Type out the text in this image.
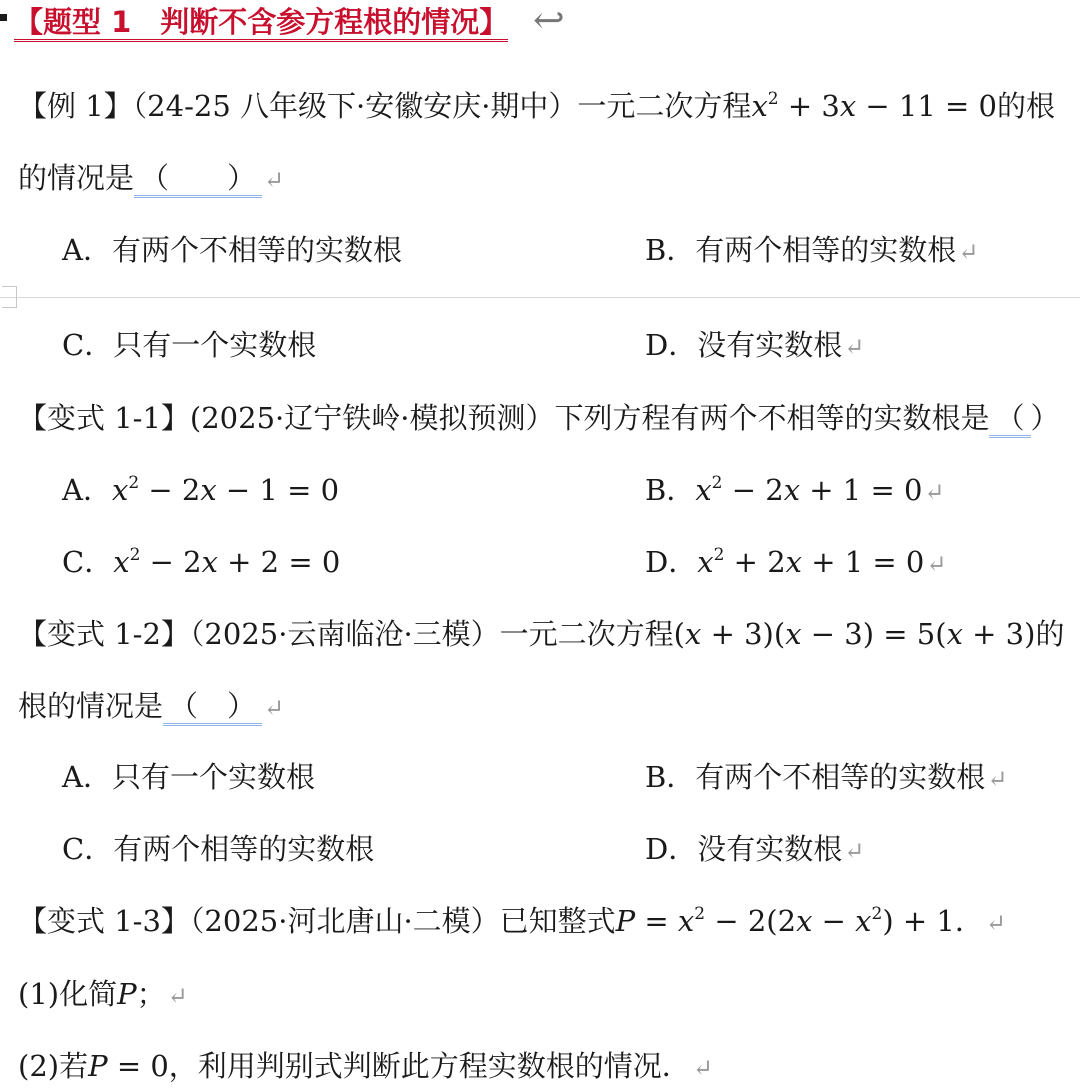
【题型 1　判断不含参方程根的情况】 ↩
【例 1】（24-25 八年级下·安徽安庆·期中）一元二次方程$x^2 + 3x - 11 = 0$的根
的情况是 （　　） ↵
A．有两个不相等的实数根	B．有两个相等的实数根↵
C．只有一个实数根	D．没有实数根↵
【变式 1-1】(2025·辽宁铁岭·模拟预测）下列方程有两个不相等的实数根是 （ ）
A．$x^2 - 2x - 1 = 0$	B．$x^2 - 2x + 1$ = 0↵
C．$x^2 - 2x + 2 = 0$	D．$x^2 + 2x + 1$ = 0↵
【变式 1-2】（2025·云南临沧·三模）一元二次方程(x + 3)(x − 3) = 5(x + 3)的
根的情况是 （　） ↵
A．只有一个实数根	B．有两个不相等的实数根↵
C．有两个相等的实数根	D．没有实数根↵
【变式 1-3】（2025·河北唐山·二模）已知整式$P = x^2 - 2(2x - x^2) + 1$．↵
(1)化简P；↵
(2)若P = 0，利用判别式判断此方程实数根的情况．↵
